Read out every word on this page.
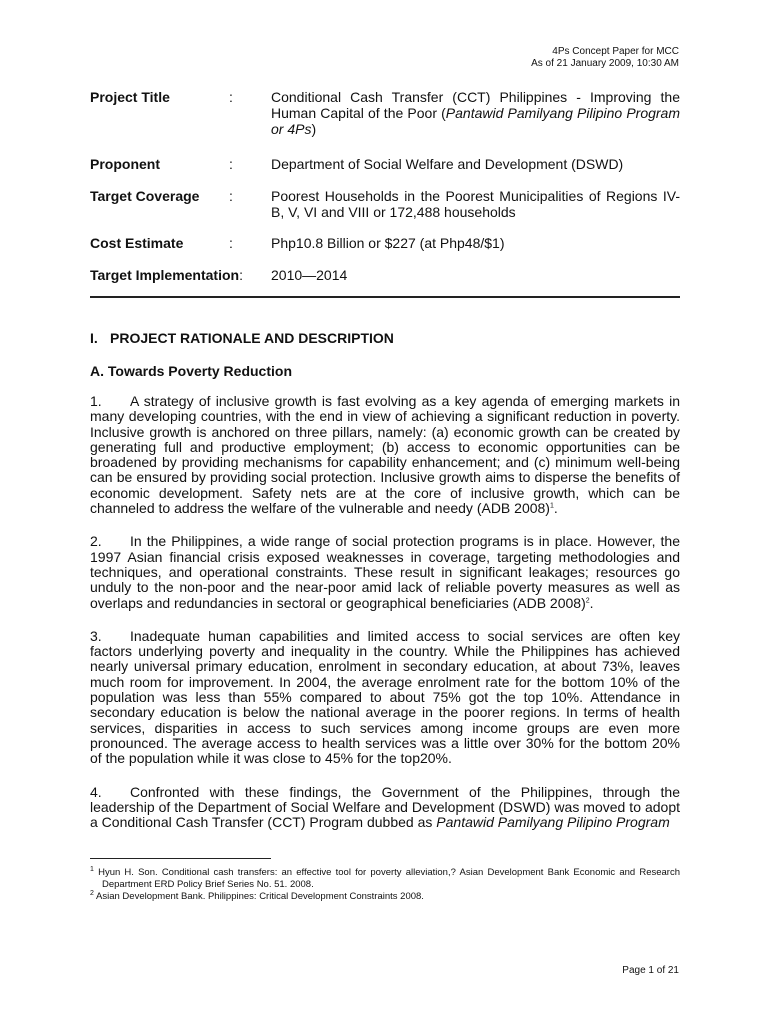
4Ps Concept Paper for MCC
As of 21 January 2009, 10:30 AM
Project Title	:	Conditional Cash Transfer (CCT) Philippines - Improving the Human Capital of the Poor (Pantawid Pamilyang Pilipino Program or 4Ps)
Proponent	:	Department of Social Welfare and Development (DSWD)
Target Coverage :	Poorest Households in the Poorest Municipalities of Regions IV-B, V, VI and VIII or 172,488 households
Cost Estimate	:	Php10.8 Billion or $227 (at Php48/$1)
Target Implementation: 2010—2014
I. PROJECT RATIONALE AND DESCRIPTION
A. Towards Poverty Reduction

1. A strategy of inclusive growth is fast evolving as a key agenda of emerging markets in many developing countries, with the end in view of achieving a significant reduction in poverty. Inclusive growth is anchored on three pillars, namely: (a) economic growth can be created by generating full and productive employment; (b) access to economic opportunities can be broadened by providing mechanisms for capability enhancement; and (c) minimum well-being can be ensured by providing social protection. Inclusive growth aims to disperse the benefits of economic development. Safety nets are at the core of inclusive growth, which can be channeled to address the welfare of the vulnerable and needy (ADB 2008)$^1$.

2. In the Philippines, a wide range of social protection programs is in place. However, the 1997 Asian financial crisis exposed weaknesses in coverage, targeting methodologies and techniques, and operational constraints. These result in significant leakages; resources go unduly to the non-poor and the near-poor amid lack of reliable poverty measures as well as overlaps and redundancies in sectoral or geographical beneficiaries (ADB 2008)$^2$.

3. Inadequate human capabilities and limited access to social services are often key factors underlying poverty and inequality in the country. While the Philippines has achieved nearly universal primary education, enrolment in secondary education, at about 73%, leaves much room for improvement. In 2004, the average enrolment rate for the bottom 10% of the population was less than 55% compared to about 75% got the top 10%. Attendance in secondary education is below the national average in the poorer regions. In terms of health services, disparities in access to such services among income groups are even more pronounced. The average access to health services was a little over 30% for the bottom 20% of the population while it was close to 45% for the top20%.

4. Confronted with these findings, the Government of the Philippines, through the leadership of the Department of Social Welfare and Development (DSWD) was moved to adopt a Conditional Cash Transfer (CCT) Program dubbed as Pantawid Pamilyang Pilipino Program

$^1$ Hyun H. Son. Conditional cash transfers: an effective tool for poverty alleviation,? Asian Development Bank Economic and Research Department ERD Policy Brief Series No. 51. 2008.
$^2$ Asian Development Bank. Philippines: Critical Development Constraints 2008.
Page 1 of 21
